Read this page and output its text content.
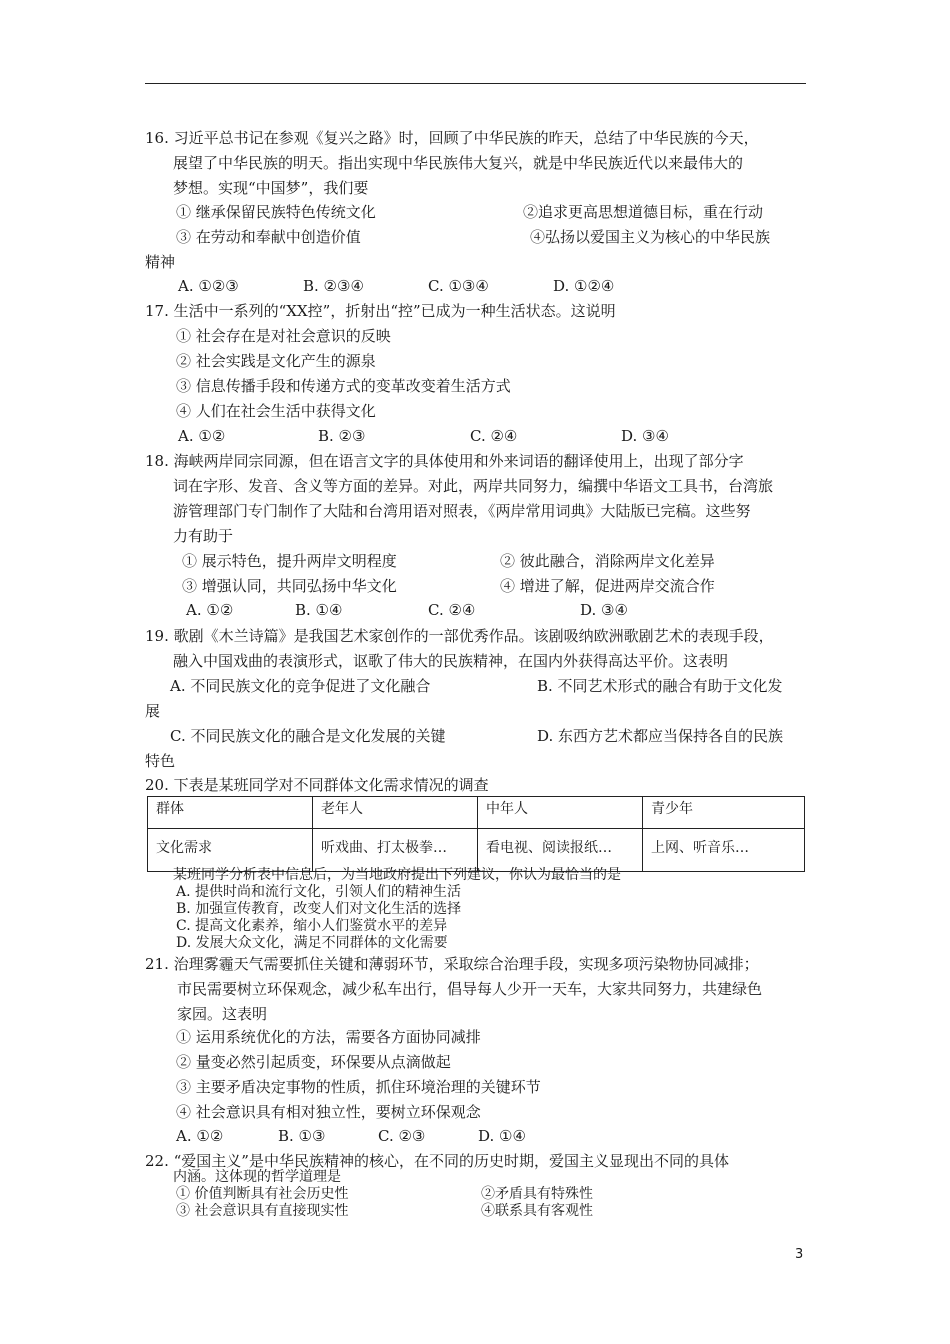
16. 习近平总书记在参观《复兴之路》时，回顾了中华民族的昨天，总结了中华民族的今天，
展望了中华民族的明天。指出实现中华民族伟大复兴，就是中华民族近代以来最伟大的
梦想。实现“中国梦”，我们要
① 继承保留民族特色传统文化	②追求更高思想道德目标，重在行动
③ 在劳动和奉献中创造价值	④弘扬以爱国主义为核心的中华民族
精神
A. ①②③	B. ②③④	C. ①③④	D. ①②④
17. 生活中一系列的“XX控”，折射出“控”已成为一种生活状态。这说明
① 社会存在是对社会意识的反映
② 社会实践是文化产生的源泉
③ 信息传播手段和传递方式的变革改变着生活方式
④ 人们在社会生活中获得文化
A. ①②	B. ②③	C. ②④	D. ③④
18. 海峡两岸同宗同源，但在语言文字的具体使用和外来词语的翻译使用上，出现了部分字
词在字形、发音、含义等方面的差异。对此，两岸共同努力，编撰中华语文工具书，台湾旅
游管理部门专门制作了大陆和台湾用语对照表，《两岸常用词典》大陆版已完稿。这些努
力有助于
① 展示特色，提升两岸文明程度	② 彼此融合，消除两岸文化差异
③ 增强认同，共同弘扬中华文化	④ 增进了解，促进两岸交流合作
A. ①②	B. ①④	C. ②④	D. ③④
19. 歌剧《木兰诗篇》是我国艺术家创作的一部优秀作品。该剧吸纳欧洲歌剧艺术的表现手段，
融入中国戏曲的表演形式，讴歌了伟大的民族精神，在国内外获得高达平价。这表明
A. 不同民族文化的竞争促进了文化融合	B. 不同艺术形式的融合有助于文化发
展
C. 不同民族文化的融合是文化发展的关键	D. 东西方艺术都应当保持各自的民族
特色
20. 下表是某班同学对不同群体文化需求情况的调查
群体	老年人	中年人	青少年
文化需求	听戏曲、打太极拳…	看电视、阅读报纸…	上网、听音乐…
某班同学分析表中信息后，为当地政府提出下列建议，你认为最恰当的是
A. 提供时尚和流行文化，引领人们的精神生活
B. 加强宣传教育，改变人们对文化生活的选择
C. 提高文化素养，缩小人们鉴赏水平的差异
D. 发展大众文化，满足不同群体的文化需要
21. 治理雾霾天气需要抓住关键和薄弱环节，采取综合治理手段，实现多项污染物协同减排；
市民需要树立环保观念，减少私车出行，倡导每人少开一天车，大家共同努力，共建绿色
家园。这表明
① 运用系统优化的方法，需要各方面协同减排
② 量变必然引起质变，环保要从点滴做起
③ 主要矛盾决定事物的性质，抓住环境治理的关键环节
④ 社会意识具有相对独立性，要树立环保观念
A. ①②	B. ①③	C. ②③	D. ①④
22. “爱国主义”是中华民族精神的核心，在不同的历史时期，爱国主义显现出不同的具体
内涵。这体现的哲学道理是
① 价值判断具有社会历史性	②矛盾具有特殊性
③ 社会意识具有直接现实性	④联系具有客观性
3
